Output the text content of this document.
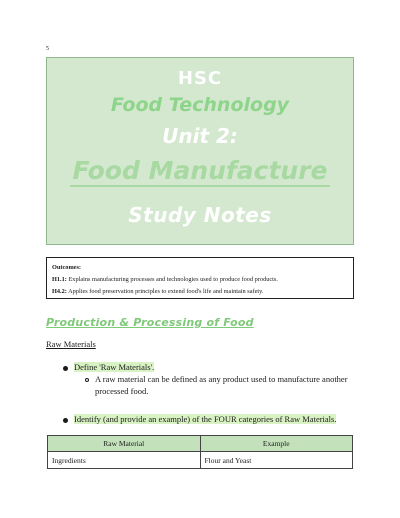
5
HSC
Food Technology
Unit 2:
Food Manufacture
Study Notes
Outcomes:
H1.1: Explains manufacturing processes and technologies used to produce food products.
H4.2: Applies food preservation principles to extend food's life and maintain safety.
Production & Processing of Food
Raw Materials
Define 'Raw Materials'.
A raw material can be defined as any product used to manufacture another processed food.
Identify (and provide an example) of the FOUR categories of Raw Materials.
Raw Material	Example
Ingredients	Flour and Yeast
